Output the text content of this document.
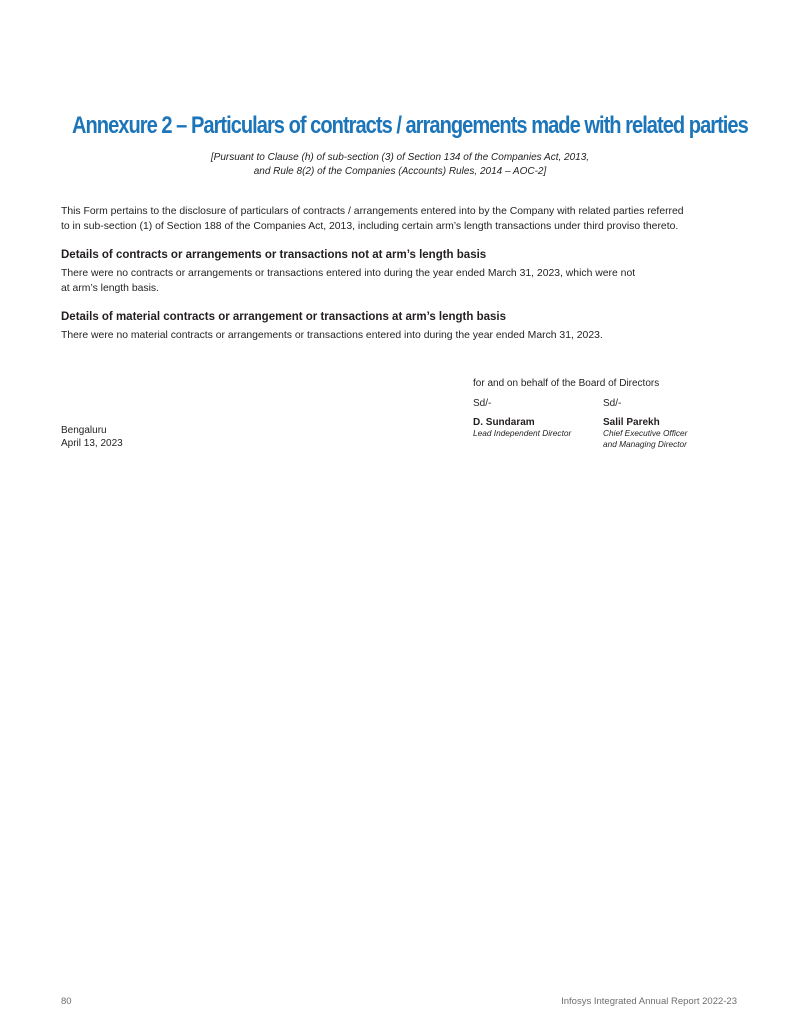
Annexure 2 – Particulars of contracts / arrangements made with related parties
[Pursuant to Clause (h) of sub-section (3) of Section 134 of the Companies Act, 2013,
and Rule 8(2) of the Companies (Accounts) Rules, 2014 – AOC-2]
This Form pertains to the disclosure of particulars of contracts / arrangements entered into by the Company with related parties referred
to in sub-section (1) of Section 188 of the Companies Act, 2013, including certain arm’s length transactions under third proviso thereto.
Details of contracts or arrangements or transactions not at arm’s length basis
There were no contracts or arrangements or transactions entered into during the year ended March 31, 2023, which were not
at arm’s length basis.
Details of material contracts or arrangement or transactions at arm’s length basis
There were no material contracts or arrangements or transactions entered into during the year ended March 31, 2023.
for and on behalf of the Board of Directors
Sd/-
D. Sundaram
Lead Independent Director
Sd/-
Salil Parekh
Chief Executive Officer
and Managing Director
Bengaluru
April 13, 2023
80	Infosys Integrated Annual Report 2022-23
